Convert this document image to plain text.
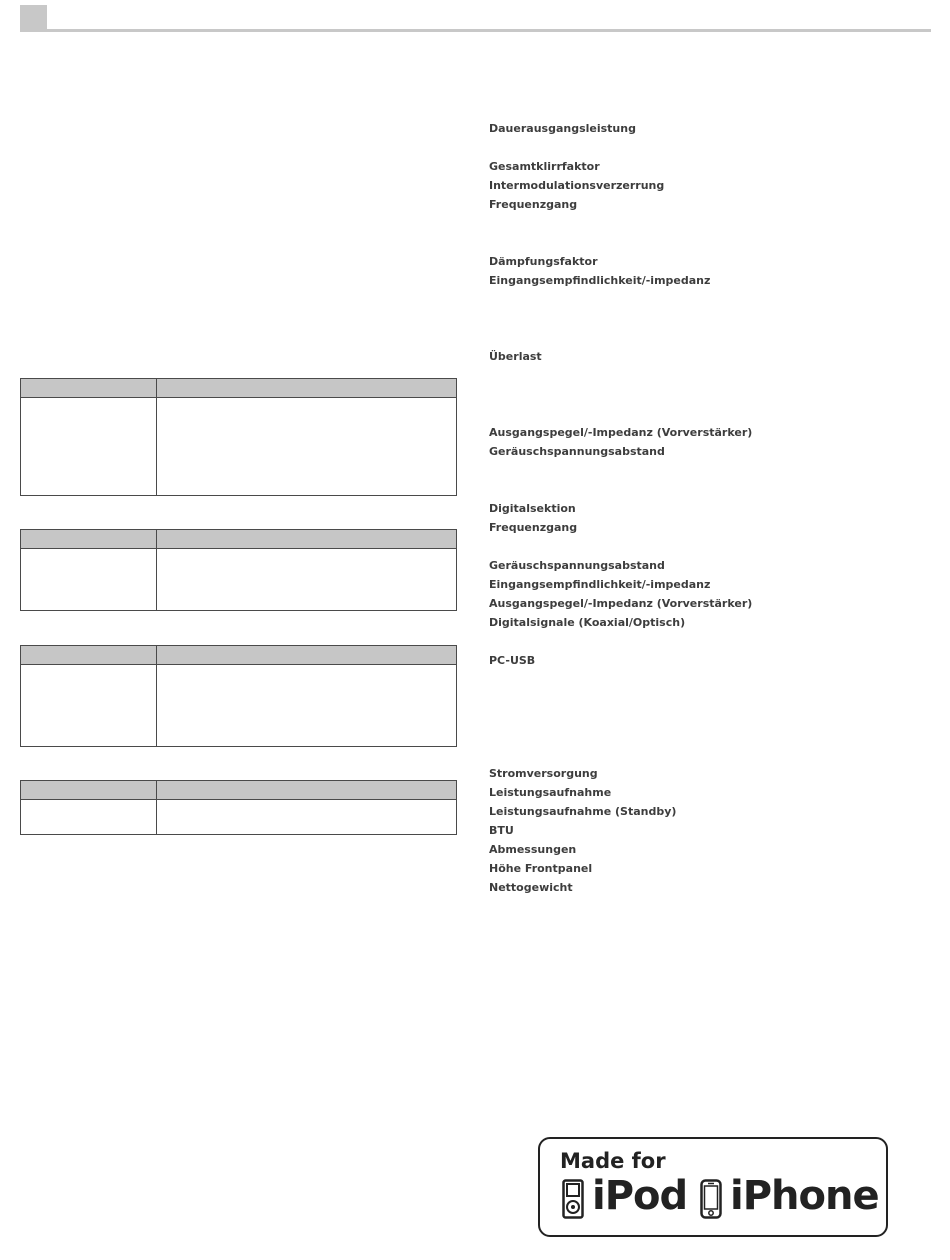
Dauerausgangsleistung
Gesamtklirrfaktor
Intermodulationsverzerrung
Frequenzgang
Dämpfungsfaktor
Eingangsempfindlichkeit/-impedanz
Überlast
Ausgangspegel/-Impedanz (Vorverstärker)
Geräuschspannungsabstand
Digitalsektion
Frequenzgang
Geräuschspannungsabstand
Eingangsempfindlichkeit/-impedanz
Ausgangspegel/-Impedanz (Vorverstärker)
Digitalsignale (Koaxial/Optisch)
PC-USB
Stromversorgung
Leistungsaufnahme
Leistungsaufnahme (Standby)
BTU
Abmessungen
Höhe Frontpanel
Nettogewicht
Made for
iPod iPhone
